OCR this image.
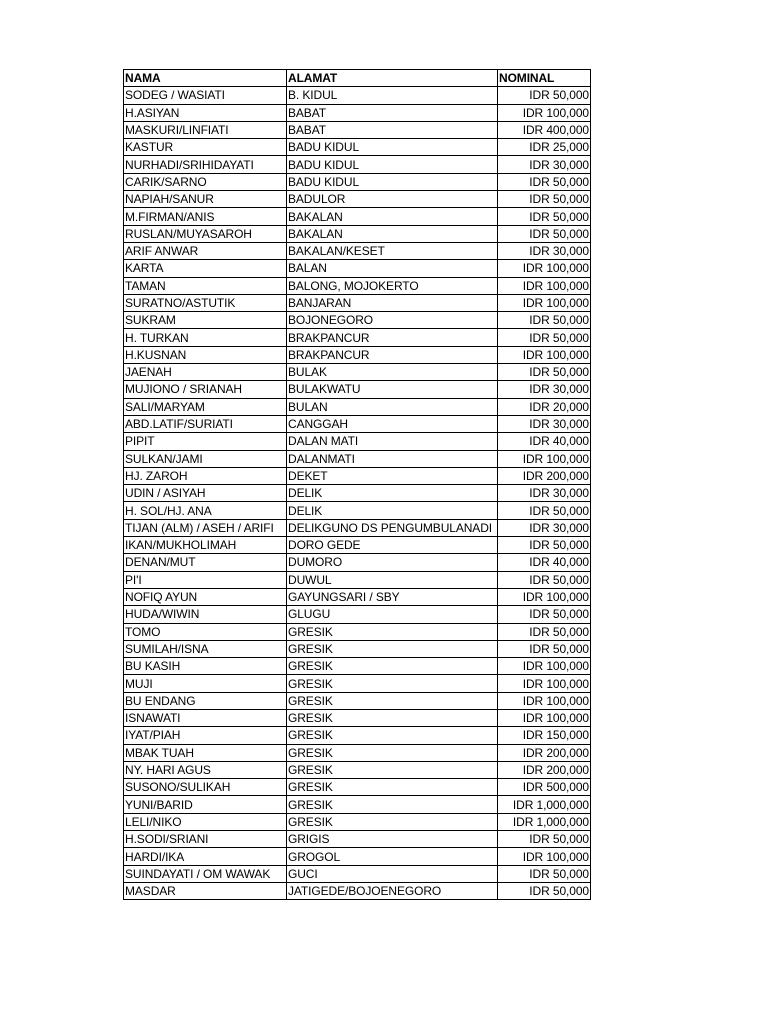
NAMA	ALAMAT	NOMINAL
SODEG / WASIATI	B. KIDUL	IDR 50,000
H.ASIYAN	BABAT	IDR 100,000
MASKURI/LINFIATI	BABAT	IDR 400,000
KASTUR	BADU KIDUL	IDR 25,000
NURHADI/SRIHIDAYATI	BADU KIDUL	IDR 30,000
CARIK/SARNO	BADU KIDUL	IDR 50,000
NAPIAH/SANUR	BADULOR	IDR 50,000
M.FIRMAN/ANIS	BAKALAN	IDR 50,000
RUSLAN/MUYASAROH	BAKALAN	IDR 50,000
ARIF ANWAR	BAKALAN/KESET	IDR 30,000
KARTA	BALAN	IDR 100,000
TAMAN	BALONG, MOJOKERTO	IDR 100,000
SURATNO/ASTUTIK	BANJARAN	IDR 100,000
SUKRAM	BOJONEGORO	IDR 50,000
H. TURKAN	BRAKPANCUR	IDR 50,000
H.KUSNAN	BRAKPANCUR	IDR 100,000
JAENAH	BULAK	IDR 50,000
MUJIONO / SRIANAH	BULAKWATU	IDR 30,000
SALI/MARYAM	BULAN	IDR 20,000
ABD.LATIF/SURIATI	CANGGAH	IDR 30,000
PIPIT	DALAN MATI	IDR 40,000
SULKAN/JAMI	DALANMATI	IDR 100,000
HJ. ZAROH	DEKET	IDR 200,000
UDIN / ASIYAH	DELIK	IDR 30,000
H. SOL/HJ. ANA	DELIK	IDR 50,000
TIJAN (ALM) / ASEH / ARIFI	DELIKGUNO DS PENGUMBULANADI	IDR 30,000
IKAN/MUKHOLIMAH	DORO GEDE	IDR 50,000
DENAN/MUT	DUMORO	IDR 40,000
PI'I	DUWUL	IDR 50,000
NOFIQ AYUN	GAYUNGSARI / SBY	IDR 100,000
HUDA/WIWIN	GLUGU	IDR 50,000
TOMO	GRESIK	IDR 50,000
SUMILAH/ISNA	GRESIK	IDR 50,000
BU KASIH	GRESIK	IDR 100,000
MUJI	GRESIK	IDR 100,000
BU ENDANG	GRESIK	IDR 100,000
ISNAWATI	GRESIK	IDR 100,000
IYAT/PIAH	GRESIK	IDR 150,000
MBAK TUAH	GRESIK	IDR 200,000
NY. HARI AGUS	GRESIK	IDR 200,000
SUSONO/SULIKAH	GRESIK	IDR 500,000
YUNI/BARID	GRESIK	IDR 1,000,000
LELI/NIKO	GRESIK	IDR 1,000,000
H.SODI/SRIANI	GRIGIS	IDR 50,000
HARDI/IKA	GROGOL	IDR 100,000
SUINDAYATI / OM WAWAK	GUCI	IDR 50,000
MASDAR	JATIGEDE/BOJOENEGORO	IDR 50,000
